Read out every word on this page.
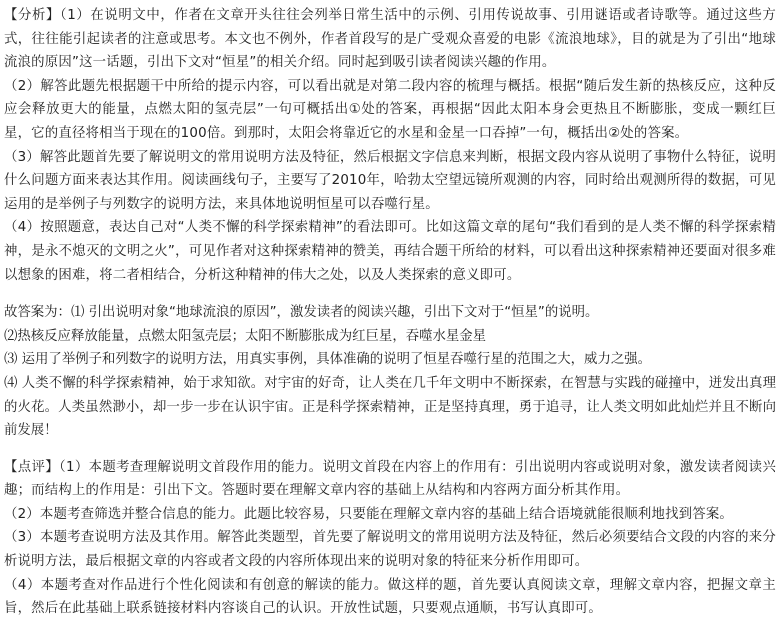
【分析】（1）在说明文中，作者在文章开头往往会列举日常生活中的示例、引用传说故事、引用谜语或者诗歌等。通过这些方式，往往能引起读者的注意或思考。本文也不例外，作者首段写的是广受观众喜爱的电影《流浪地球》，目的就是为了引出“地球流浪的原因”这一话题，引出下文对“恒星”的相关介绍。同时起到吸引读者阅读兴趣的作用。

（2）解答此题先根据题干中所给的提示内容，可以看出就是对第二段内容的梳理与概括。根据“随后发生新的热核反应，这种反应会释放更大的能量，点燃太阳的氢壳层”一句可概括出①处的答案，再根据“因此太阳本身会更热且不断膨胀，变成一颗红巨星，它的直径将相当于现在的100倍。到那时，太阳会将靠近它的水星和金星一口吞掉”一句，概括出②处的答案。

（3）解答此题首先要了解说明文的常用说明方法及特征，然后根据文字信息来判断，根据文段内容从说明了事物什么特征，说明什么问题方面来表达其作用。阅读画线句子，主要写了2010年，哈勃太空望远镜所观测的内容，同时给出观测所得的数据，可见运用的是举例子与列数字的说明方法，来具体地说明恒星可以吞噬行星。

（4）按照题意，表达自己对“人类不懈的科学探索精神”的看法即可。比如这篇文章的尾句“我们看到的是人类不懈的科学探索精神，是永不熄灭的文明之火”，可见作者对这种探索精神的赞美，再结合题干所给的材料，可以看出这种探索精神还要面对很多难以想象的困难，将二者相结合，分析这种精神的伟大之处，以及人类探索的意义即可。

故答案为：⑴ 引出说明对象“地球流浪的原因”，激发读者的阅读兴趣，引出下文对于“恒星”的说明。

⑵热核反应释放能量，点燃太阳氢壳层；太阳不断膨胀成为红巨星，吞噬水星金星

⑶ 运用了举例子和列数字的说明方法，用真实事例，具体准确的说明了恒星吞噬行星的范围之大，威力之强。

⑷ 人类不懈的科学探索精神，始于求知欲。对宇宙的好奇，让人类在几千年文明中不断探索，在智慧与实践的碰撞中，迸发出真理的火花。人类虽然渺小，却一步一步在认识宇宙。正是科学探索精神，正是坚持真理，勇于追寻，让人类文明如此灿烂并且不断向前发展！

【点评】（1）本题考查理解说明文首段作用的能力。说明文首段在内容上的作用有：引出说明内容或说明对象，激发读者阅读兴趣；而结构上的作用是：引出下文。答题时要在理解文章内容的基础上从结构和内容两方面分析其作用。

（2）本题考查筛选并整合信息的能力。此题比较容易，只要能在理解文章内容的基础上结合语境就能很顺利地找到答案。

（3）本题考查说明方法及其作用。解答此类题型，首先要了解说明文的常用说明方法及特征，然后必须要结合文段的内容的来分析说明方法，最后根据文章的内容或者文段的内容所体现出来的说明对象的特征来分析作用即可。

（4）本题考查对作品进行个性化阅读和有创意的解读的能力。做这样的题，首先要认真阅读文章，理解文章内容，把握文章主旨，然后在此基础上联系链接材料内容谈自己的认识。开放性试题，只要观点通顺，书写认真即可。
